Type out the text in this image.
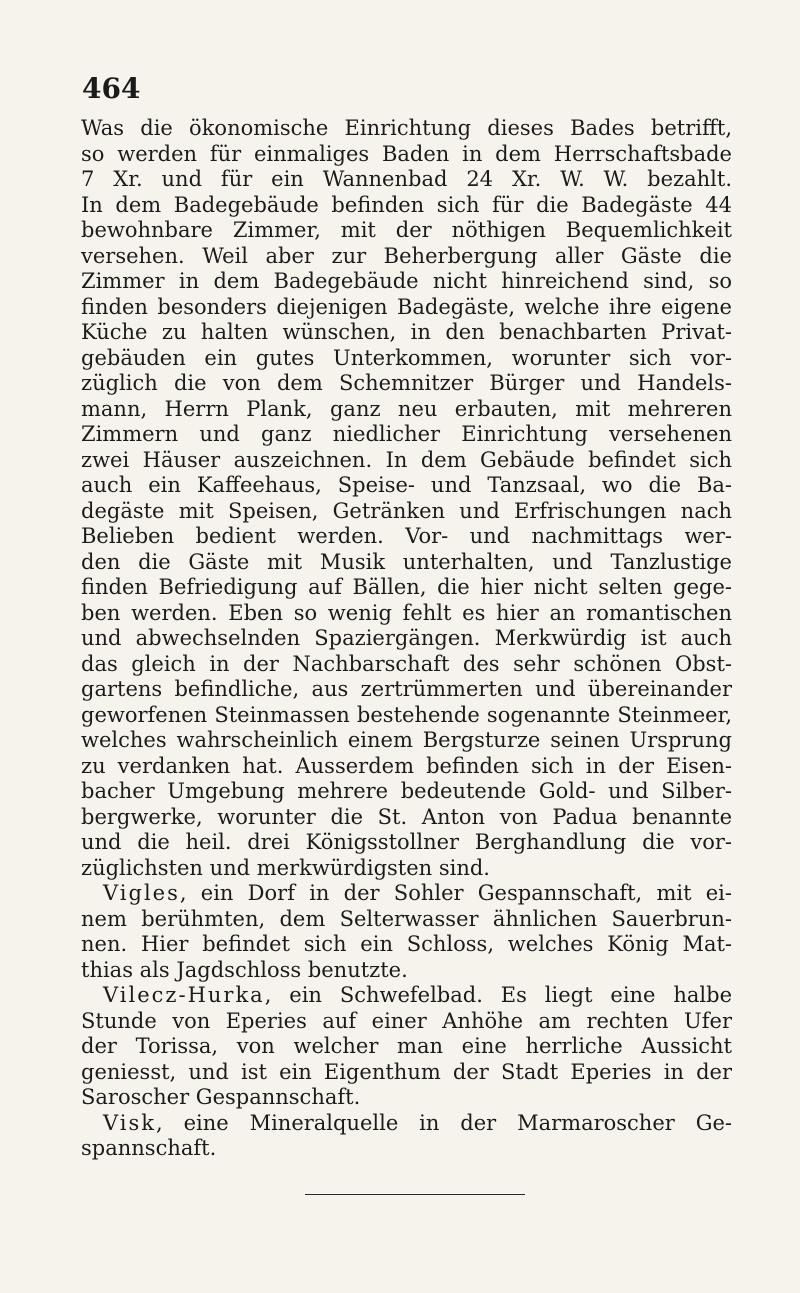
464
Was die ökonomische Einrichtung dieses Bades betrifft,
so werden für einmaliges Baden in dem Herrschaftsbade
7 Xr. und für ein Wannenbad 24 Xr. W. W. bezahlt.
In dem Badegebäude befinden sich für die Badegäste 44
bewohnbare Zimmer, mit der nöthigen Bequemlichkeit
versehen. Weil aber zur Beherbergung aller Gäste die
Zimmer in dem Badegebäude nicht hinreichend sind, so
finden besonders diejenigen Badegäste, welche ihre eigene
Küche zu halten wünschen, in den benachbarten Privat-
gebäuden ein gutes Unterkommen, worunter sich vor-
züglich die von dem Schemnitzer Bürger und Handels-
mann, Herrn Plank, ganz neu erbauten, mit mehreren
Zimmern und ganz niedlicher Einrichtung versehenen
zwei Häuser auszeichnen. In dem Gebäude befindet sich
auch ein Kaffeehaus, Speise- und Tanzsaal, wo die Ba-
degäste mit Speisen, Getränken und Erfrischungen nach
Belieben bedient werden. Vor- und nachmittags wer-
den die Gäste mit Musik unterhalten, und Tanzlustige
finden Befriedigung auf Bällen, die hier nicht selten gege-
ben werden. Eben so wenig fehlt es hier an romantischen
und abwechselnden Spaziergängen. Merkwürdig ist auch
das gleich in der Nachbarschaft des sehr schönen Obst-
gartens befindliche, aus zertrümmerten und übereinander
geworfenen Steinmassen bestehende sogenannte Steinmeer,
welches wahrscheinlich einem Bergsturze seinen Ursprung
zu verdanken hat. Ausserdem befinden sich in der Eisen-
bacher Umgebung mehrere bedeutende Gold- und Silber-
bergwerke, worunter die St. Anton von Padua benannte
und die heil. drei Königsstollner Berghandlung die vor-
züglichsten und merkwürdigsten sind.
Vigles, ein Dorf in der Sohler Gespannschaft, mit ei-
nem berühmten, dem Selterwasser ähnlichen Sauerbrun-
nen. Hier befindet sich ein Schloss, welches König Mat-
thias als Jagdschloss benutzte.
Vilecz-Hurka, ein Schwefelbad. Es liegt eine halbe
Stunde von Eperies auf einer Anhöhe am rechten Ufer
der Torissa, von welcher man eine herrliche Aussicht
geniesst, und ist ein Eigenthum der Stadt Eperies in der
Saroscher Gespannschaft.
Visk, eine Mineralquelle in der Marmaroscher Ge-
spannschaft.
